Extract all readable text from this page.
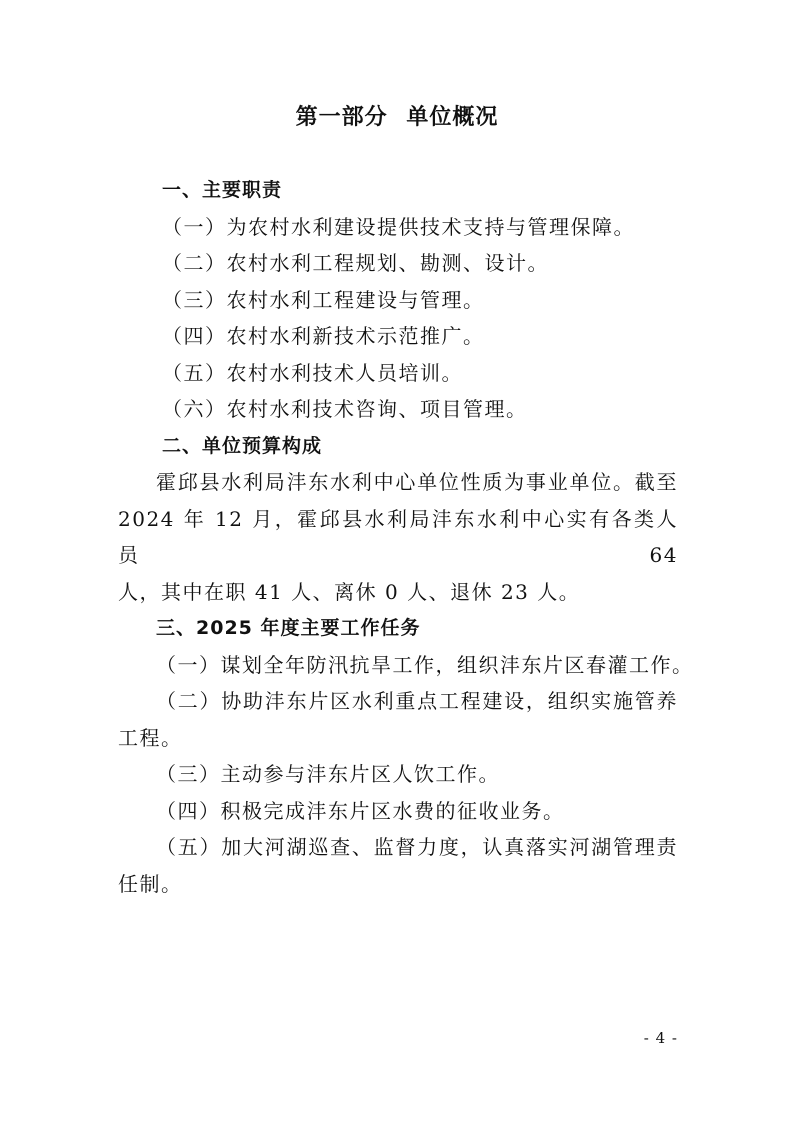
第一部分 单位概况
一、主要职责
（一）为农村水利建设提供技术支持与管理保障。
（二）农村水利工程规划、勘测、设计。
（三）农村水利工程建设与管理。
（四）农村水利新技术示范推广。
（五）农村水利技术人员培训。
（六）农村水利技术咨询、项目管理。
二、单位预算构成
霍邱县水利局沣东水利中心单位性质为事业单位。截至
2024 年 12 月，霍邱县水利局沣东水利中心实有各类人员 64
人，其中在职 41 人、离休 0 人、退休 23 人。
三、2025 年度主要工作任务
（一）谋划全年防汛抗旱工作，组织沣东片区春灌工作。
（二）协助沣东片区水利重点工程建设，组织实施管养
工程。
（三）主动参与沣东片区人饮工作。
（四）积极完成沣东片区水费的征收业务。
（五）加大河湖巡查、监督力度，认真落实河湖管理责
任制。
- 4 -
